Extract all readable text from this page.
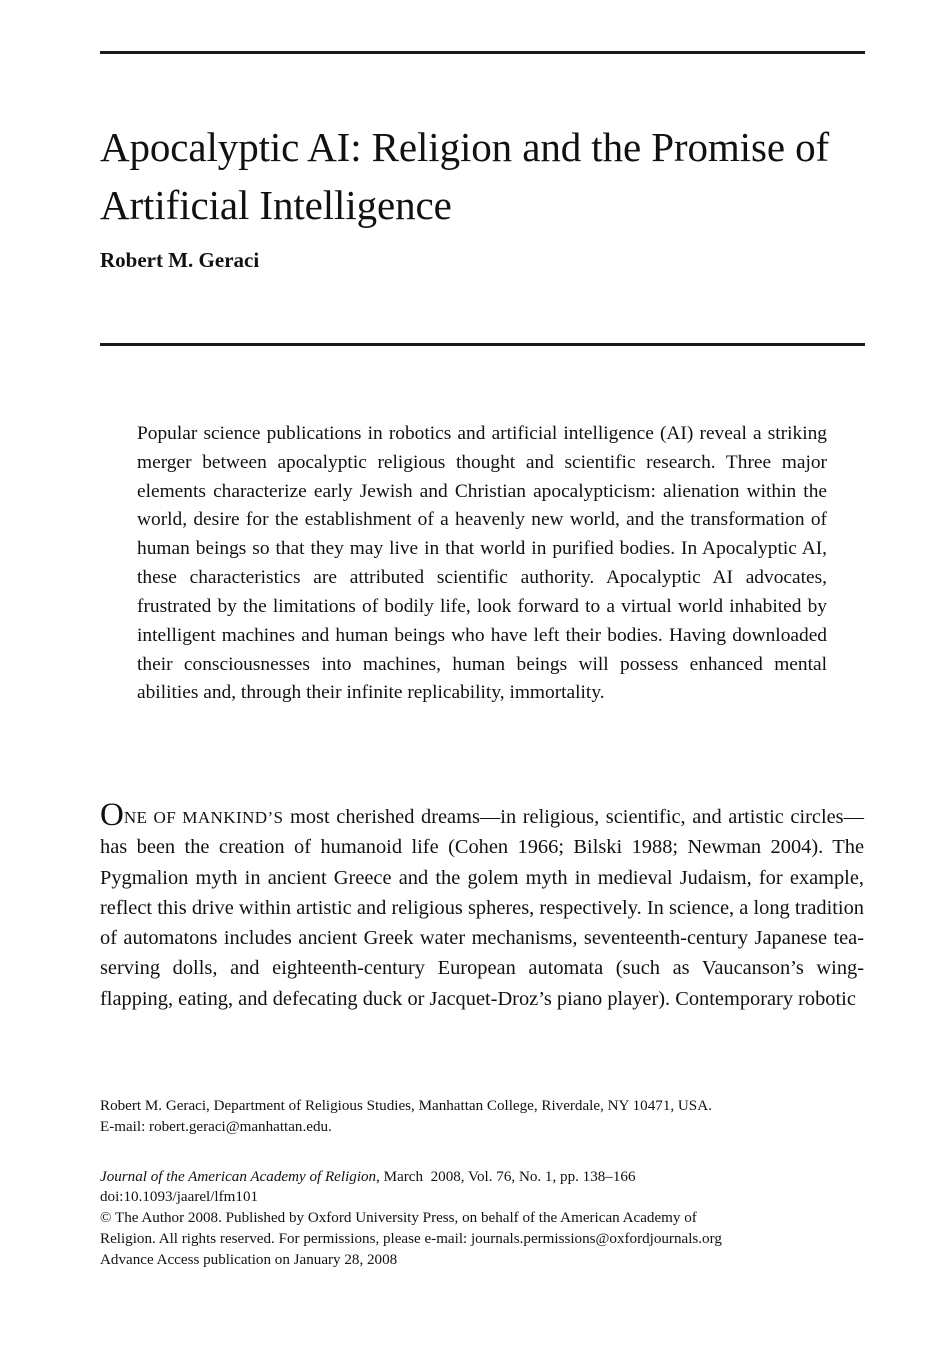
Apocalyptic AI: Religion and the Promise of Artificial Intelligence

Robert M. Geraci

Popular science publications in robotics and artificial intelligence (AI) reveal a striking merger between apocalyptic religious thought and scientific research. Three major elements characterize early Jewish and Christian apocalypticism: alienation within the world, desire for the establishment of a heavenly new world, and the transformation of human beings so that they may live in that world in purified bodies. In Apocalyptic AI, these characteristics are attributed scientific authority. Apocalyptic AI advocates, frustrated by the limitations of bodily life, look forward to a virtual world inhabited by intelligent machines and human beings who have left their bodies. Having downloaded their consciousnesses into machines, human beings will possess enhanced mental abilities and, through their infinite replicability, immortality.
ONE OF MANKIND’S most cherished dreams—in religious, scientific, and artistic circles—has been the creation of humanoid life (Cohen 1966; Bilski 1988; Newman 2004). The Pygmalion myth in ancient Greece and the golem myth in medieval Judaism, for example, reflect this drive within artistic and religious spheres, respectively. In science, a long tradition of automatons includes ancient Greek water mechanisms, seventeenth-century Japanese tea-serving dolls, and eighteenth-century European automata (such as Vaucanson’s wing-flapping, eating, and defecating duck or Jacquet-Droz’s piano player). Contemporary robotic

Robert M. Geraci, Department of Religious Studies, Manhattan College, Riverdale, NY 10471, USA.
E-mail: robert.geraci@manhattan.edu.

Journal of the American Academy of Religion, March  2008, Vol. 76, No. 1, pp. 138–166

doi:10.1093/jaarel/lfm101

© The Author 2008. Published by Oxford University Press, on behalf of the American Academy of

Religion. All rights reserved. For permissions, please e-mail: journals.permissions@oxfordjournals.org

Advance Access publication on January 28, 2008
